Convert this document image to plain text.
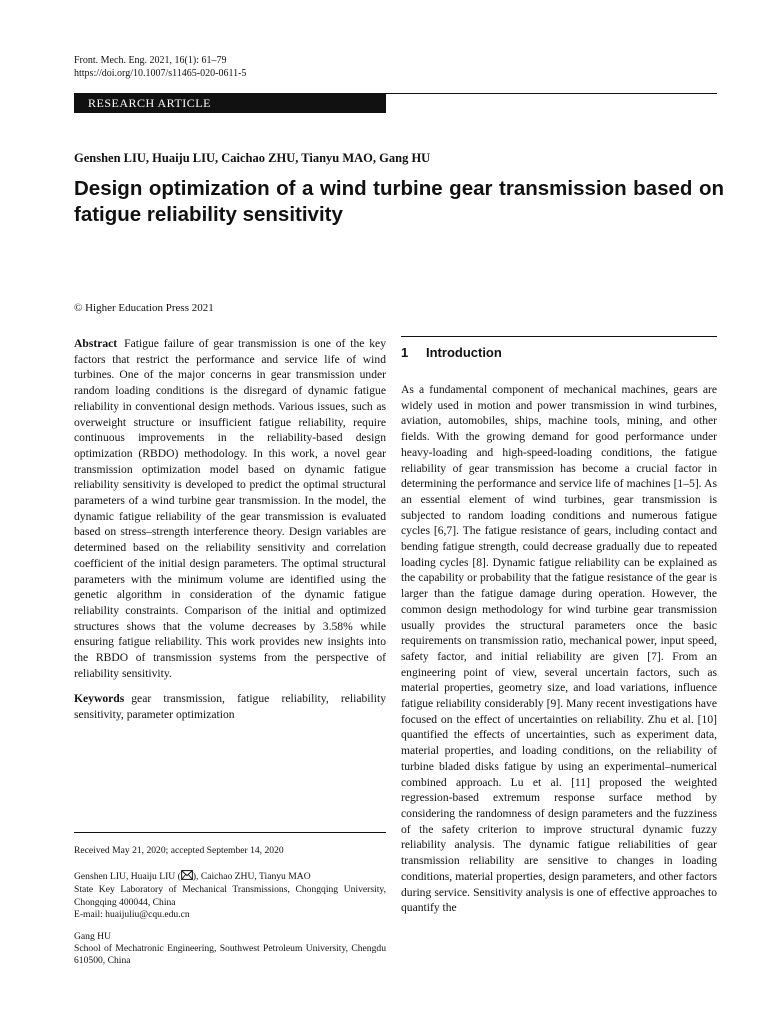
Front. Mech. Eng. 2021, 16(1): 61–79
https://doi.org/10.1007/s11465-020-0611-5
RESEARCH ARTICLE
Genshen LIU, Huaiju LIU, Caichao ZHU, Tianyu MAO, Gang HU
Design optimization of a wind turbine gear transmission based on fatigue reliability sensitivity
© Higher Education Press 2021

Abstract Fatigue failure of gear transmission is one of the key factors that restrict the performance and service life of wind turbines. One of the major concerns in gear transmission under random loading conditions is the disregard of dynamic fatigue reliability in conventional design methods. Various issues, such as overweight structure or insufficient fatigue reliability, require continuous improvements in the reliability-based design optimization (RBDO) methodology. In this work, a novel gear transmission optimization model based on dynamic fatigue reliability sensitivity is developed to predict the optimal structural parameters of a wind turbine gear transmission. In the model, the dynamic fatigue reliability of the gear transmission is evaluated based on stress–strength interference theory. Design variables are determined based on the reliability sensitivity and correlation coefficient of the initial design parameters. The optimal structural parameters with the minimum volume are identified using the genetic algorithm in consideration of the dynamic fatigue reliability constraints. Comparison of the initial and optimized structures shows that the volume decreases by 3.58% while ensuring fatigue reliability. This work provides new insights into the RBDO of transmission systems from the perspective of reliability sensitivity.

Keywords gear transmission, fatigue reliability, reliability sensitivity, parameter optimization

Received May 21, 2020; accepted September 14, 2020

Genshen LIU, Huaiju LIU ( ), Caichao ZHU, Tianyu MAO

State Key Laboratory of Mechanical Transmissions, Chongqing University, Chongqing 400044, China

E-mail: huaijuliu@cqu.edu.cn

Gang HU

School of Mechatronic Engineering, Southwest Petroleum University, Chengdu 610500, China

1 Introduction

As a fundamental component of mechanical machines, gears are widely used in motion and power transmission in wind turbines, aviation, automobiles, ships, machine tools, mining, and other fields. With the growing demand for good performance under heavy-loading and high-speed-loading conditions, the fatigue reliability of gear transmission has become a crucial factor in determining the performance and service life of machines [1–5]. As an essential element of wind turbines, gear transmission is subjected to random loading conditions and numerous fatigue cycles [6,7]. The fatigue resistance of gears, including contact and bending fatigue strength, could decrease gradually due to repeated loading cycles [8]. Dynamic fatigue reliability can be explained as the capability or probability that the fatigue resistance of the gear is larger than the fatigue damage during operation. However, the common design methodology for wind turbine gear transmission usually provides the structural parameters once the basic requirements on transmission ratio, mechanical power, input speed, safety factor, and initial reliability are given [7]. From an engineering point of view, several uncertain factors, such as material properties, geometry size, and load variations, influence fatigue reliability considerably [9]. Many recent investigations have focused on the effect of uncertainties on reliability. Zhu et al. [10] quantified the effects of uncertainties, such as experiment data, material properties, and loading conditions, on the reliability of turbine bladed disks fatigue by using an experimental–numerical combined approach. Lu et al. [11] proposed the weighted regression-based extremum response surface method by considering the randomness of design parameters and the fuzziness of the safety criterion to improve structural dynamic fuzzy reliability analysis. The dynamic fatigue reliabilities of gear transmission reliability are sensitive to changes in loading conditions, material properties, design parameters, and other factors during service. Sensitivity analysis is one of effective approaches to quantify the
